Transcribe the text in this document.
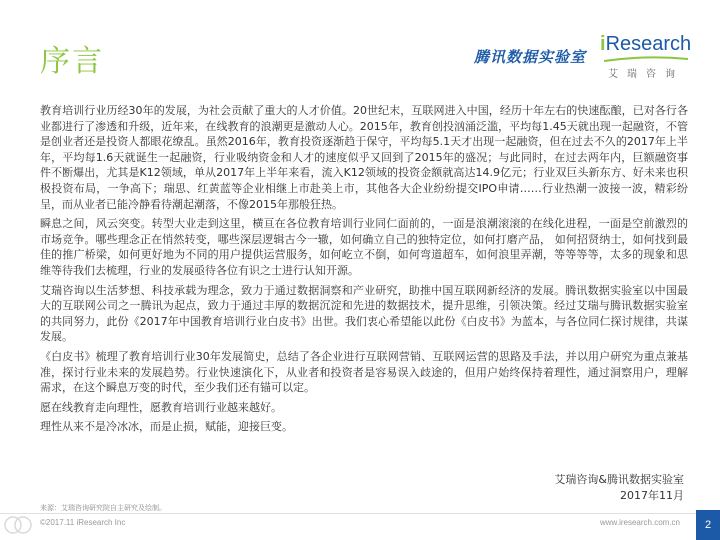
序言	腾讯数据实验室
iResearch
艾瑞咨询

教育培训行业历经30年的发展，为社会贡献了重大的人才价值。20世纪末，互联网进入中国，经历十年左右的快速酝酿，已对各行各业都进行了渗透和升级，近年来，在线教育的浪潮更是激动人心。2015年，教育创投汹涌泛滥，平均每1.45天就出现一起融资，不管是创业者还是投资人都眼花缭乱。虽然2016年，教育投资逐渐趋于保守，平均每5.1天才出现一起融资，但在过去不久的2017年上半年，平均每1.6天就诞生一起融资，行业吸纳资金和人才的速度似乎又回到了2015年的盛况；与此同时，在过去两年内，巨额融资事件不断爆出，尤其是K12领域，单从2017年上半年来看，流入K12领域的投资金额就高达14.9亿元；行业双巨头新东方、好未来也积极投资布局，一争高下；瑞思、红黄蓝等企业相继上市赴美上市，其他各大企业纷纷提交IPO申请……行业热潮一波接一波，精彩纷呈，而从业者已能冷静看待潮起潮落，不像2015年那般狂热。

瞬息之间，风云突变。转型大业走到这里，横亘在各位教育培训行业同仁面前的，一面是浪潮滚滚的在线化进程，一面是空前激烈的市场竞争。哪些理念正在悄然转变，哪些深层逻辑古今一辙，如何确立自己的独特定位，如何打磨产品， 如何招贤纳士，如何找到最佳的推广桥梁，如何更好地为不同的用户提供运营服务，如何屹立不倒，如何弯道超车，如何浪里弄潮，等等等等，太多的现象和思维等待我们去梳理，行业的发展亟待各位有识之士进行认知开源。

艾瑞咨询以生活梦想、科技承载为理念，致力于通过数据洞察和产业研究，助推中国互联网新经济的发展。腾讯数据实验室以中国最大的互联网公司之一腾讯为起点，致力于通过丰厚的数据沉淀和先进的数据技术，提升思维，引领决策。经过艾瑞与腾讯数据实验室的共同努力，此份《2017年中国教育培训行业白皮书》出世。我们衷心希望能以此份《白皮书》为蓝本，与各位同仁探讨规律，共谋发展。

《白皮书》梳理了教育培训行业30年发展简史，总结了各企业进行互联网营销、互联网运营的思路及手法，并以用户研究为重点兼基准，探讨行业未来的发展趋势。行业快速演化下，从业者和投资者是容易误入歧途的，但用户始终保持着理性，通过洞察用户，理解需求，在这个瞬息万变的时代，至少我们还有锚可以定。

愿在线教育走向理性，愿教育培训行业越来越好。

理性从来不是冷冰冰，而是止损，赋能，迎接巨变。

艾瑞咨询&腾讯数据实验室
2017年11月
来源：艾瑞咨询研究院自主研究及绘制。
©2017.11 iResearch Inc	www.iresearch.com.cn	2
